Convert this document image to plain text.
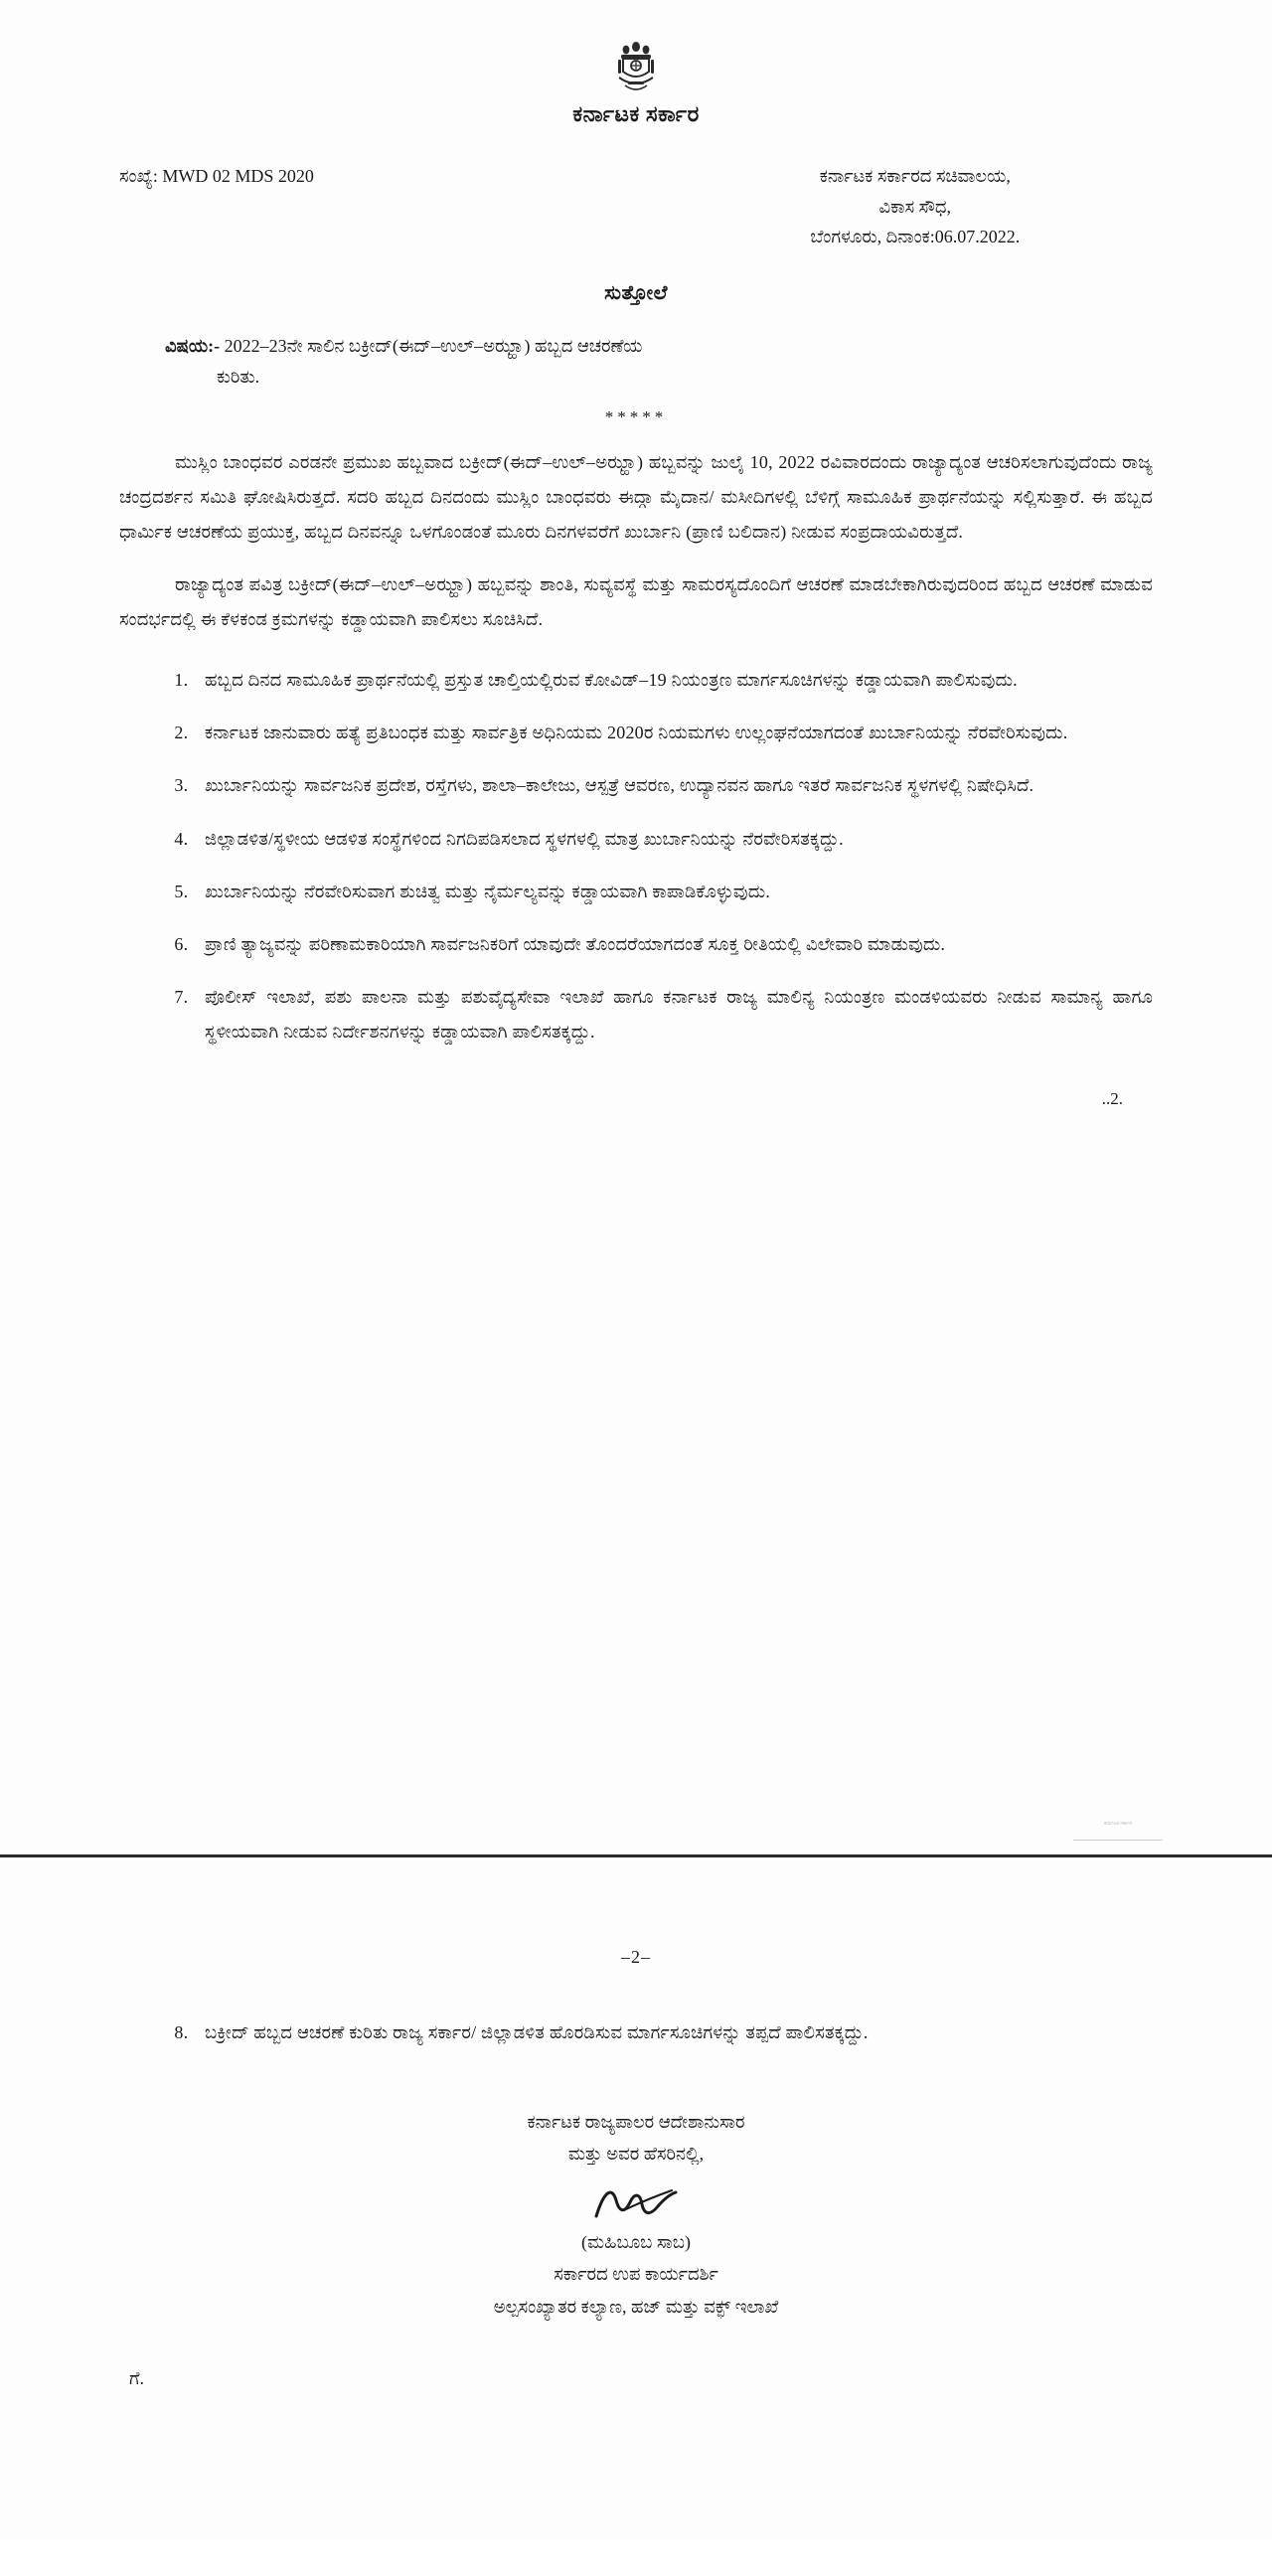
ಕರ್ನಾಟಕ ಸರ್ಕಾರ
ಸಂಖ್ಯೆ: MWD 02 MDS 2020	ಕರ್ನಾಟಕ ಸರ್ಕಾರದ ಸಚಿವಾಲಯ,
ವಿಕಾಸ ಸೌಧ,
ಬೆಂಗಳೂರು, ದಿನಾಂಕ:06.07.2022.
ಸುತ್ತೋಲೆ
ವಿಷಯ:- 2022–23ನೇ ಸಾಲಿನ ಬಕ್ರೀದ್(ಈದ್–ಉಲ್–ಅಝ್ಹಾ) ಹಬ್ಬದ ಆಚರಣೆಯ
ಕುರಿತು.
*****

ಮುಸ್ಲಿಂ ಬಾಂಧವರ ಎರಡನೇ ಪ್ರಮುಖ ಹಬ್ಬವಾದ ಬಕ್ರೀದ್(ಈದ್–ಉಲ್–ಅಝ್ಹಾ) ಹಬ್ಬವನ್ನು ಜುಲೈ 10, 2022 ರವಿವಾರದಂದು ರಾಜ್ಯಾದ್ಯಂತ ಆಚರಿಸಲಾಗುವುದೆಂದು ರಾಜ್ಯ ಚಂದ್ರದರ್ಶನ ಸಮಿತಿ ಘೋಷಿಸಿರುತ್ತದೆ. ಸದರಿ ಹಬ್ಬದ ದಿನದಂದು ಮುಸ್ಲಿಂ ಬಾಂಧವರು ಈದ್ಗಾ ಮೈದಾನ/ ಮಸೀದಿಗಳಲ್ಲಿ ಬೆಳಿಗ್ಗೆ ಸಾಮೂಹಿಕ ಪ್ರಾರ್ಥನೆಯನ್ನು ಸಲ್ಲಿಸುತ್ತಾರೆ. ಈ ಹಬ್ಬದ ಧಾರ್ಮಿಕ ಆಚರಣೆಯ ಪ್ರಯುಕ್ತ, ಹಬ್ಬದ ದಿನವನ್ನೂ ಒಳಗೊಂಡಂತೆ ಮೂರು ದಿನಗಳವರೆಗೆ ಖುರ್ಬಾನಿ (ಪ್ರಾಣಿ ಬಲಿದಾನ) ನೀಡುವ ಸಂಪ್ರದಾಯವಿರುತ್ತದೆ.

ರಾಜ್ಯಾದ್ಯಂತ ಪವಿತ್ರ ಬಕ್ರೀದ್(ಈದ್–ಉಲ್–ಅಝ್ಹಾ) ಹಬ್ಬವನ್ನು ಶಾಂತಿ, ಸುವ್ಯವಸ್ಥೆ ಮತ್ತು ಸಾಮರಸ್ಯದೊಂದಿಗೆ ಆಚರಣೆ ಮಾಡಬೇಕಾಗಿರುವುದರಿಂದ ಹಬ್ಬದ ಆಚರಣೆ ಮಾಡುವ ಸಂದರ್ಭದಲ್ಲಿ ಈ ಕೆಳಕಂಡ ಕ್ರಮಗಳನ್ನು ಕಡ್ಡಾಯವಾಗಿ ಪಾಲಿಸಲು ಸೂಚಿಸಿದೆ.

1. ಹಬ್ಬದ ದಿನದ ಸಾಮೂಹಿಕ ಪ್ರಾರ್ಥನೆಯಲ್ಲಿ ಪ್ರಸ್ತುತ ಚಾಲ್ತಿಯಲ್ಲಿರುವ ಕೋವಿಡ್–19 ನಿಯಂತ್ರಣ ಮಾರ್ಗಸೂಚಿಗಳನ್ನು ಕಡ್ಡಾಯವಾಗಿ ಪಾಲಿಸುವುದು.
2. ಕರ್ನಾಟಕ ಜಾನುವಾರು ಹತ್ಯೆ ಪ್ರತಿಬಂಧಕ ಮತ್ತು ಸಾರ್ವತ್ರಿಕ ಅಧಿನಿಯಮ 2020ರ ನಿಯಮಗಳು ಉಲ್ಲಂಘನೆಯಾಗದಂತೆ ಖುರ್ಬಾನಿಯನ್ನು ನೆರವೇರಿಸುವುದು.
3. ಖುರ್ಬಾನಿಯನ್ನು ಸಾರ್ವಜನಿಕ ಪ್ರದೇಶ, ರಸ್ತೆಗಳು, ಶಾಲಾ–ಕಾಲೇಜು, ಆಸ್ಪತ್ರೆ ಆವರಣ, ಉದ್ಯಾನವನ ಹಾಗೂ ಇತರೆ ಸಾರ್ವಜನಿಕ ಸ್ಥಳಗಳಲ್ಲಿ ನಿಷೇಧಿಸಿದೆ.
4. ಜಿಲ್ಲಾಡಳಿತ/ಸ್ಥಳೀಯ ಆಡಳಿತ ಸಂಸ್ಥೆಗಳಿಂದ ನಿಗದಿಪಡಿಸಲಾದ ಸ್ಥಳಗಳಲ್ಲಿ ಮಾತ್ರ ಖುರ್ಬಾನಿಯನ್ನು ನೆರವೇರಿಸತಕ್ಕದ್ದು.
5. ಖುರ್ಬಾನಿಯನ್ನು ನೆರವೇರಿಸುವಾಗ ಶುಚಿತ್ವ ಮತ್ತು ನೈರ್ಮಲ್ಯವನ್ನು ಕಡ್ಡಾಯವಾಗಿ ಕಾಪಾಡಿಕೊಳ್ಳುವುದು.
6. ಪ್ರಾಣಿ ತ್ಯಾಜ್ಯವನ್ನು ಪರಿಣಾಮಕಾರಿಯಾಗಿ ಸಾರ್ವಜನಿಕರಿಗೆ ಯಾವುದೇ ತೊಂದರೆಯಾಗದಂತೆ ಸೂಕ್ತ ರೀತಿಯಲ್ಲಿ ವಿಲೇವಾರಿ ಮಾಡುವುದು.
7. ಪೊಲೀಸ್ ಇಲಾಖೆ, ಪಶು ಪಾಲನಾ ಮತ್ತು ಪಶುವೈದ್ಯಸೇವಾ ಇಲಾಖೆ ಹಾಗೂ ಕರ್ನಾಟಕ ರಾಜ್ಯ ಮಾಲಿನ್ಯ ನಿಯಂತ್ರಣ ಮಂಡಳಿಯವರು ನೀಡುವ ಸಾಮಾನ್ಯ ಹಾಗೂ ಸ್ಥಳೀಯವಾಗಿ ನೀಡುವ ನಿರ್ದೇಶನಗಳನ್ನು ಕಡ್ಡಾಯವಾಗಿ ಪಾಲಿಸತಕ್ಕದ್ದು.
..2.
ಕರ್ನಾಟಕ ಸರ್ಕಾರ
–2–
8. ಬಕ್ರೀದ್ ಹಬ್ಬದ ಆಚರಣೆ ಕುರಿತು ರಾಜ್ಯ ಸರ್ಕಾರ/ ಜಿಲ್ಲಾಡಳಿತ ಹೊರಡಿಸುವ ಮಾರ್ಗಸೂಚಿಗಳನ್ನು ತಪ್ಪದೆ ಪಾಲಿಸತಕ್ಕದ್ದು.
ಕರ್ನಾಟಕ ರಾಜ್ಯಪಾಲರ ಆದೇಶಾನುಸಾರ
ಮತ್ತು ಅವರ ಹೆಸರಿನಲ್ಲಿ,
(ಮಹಿಬೂಬ ಸಾಬ)
ಸರ್ಕಾರದ ಉಪ ಕಾರ್ಯದರ್ಶಿ
ಅಲ್ಪಸಂಖ್ಯಾತರ ಕಲ್ಯಾಣ, ಹಜ್ ಮತ್ತು ವಕ್ಫ್ ಇಲಾಖೆ
ಗೆ.
